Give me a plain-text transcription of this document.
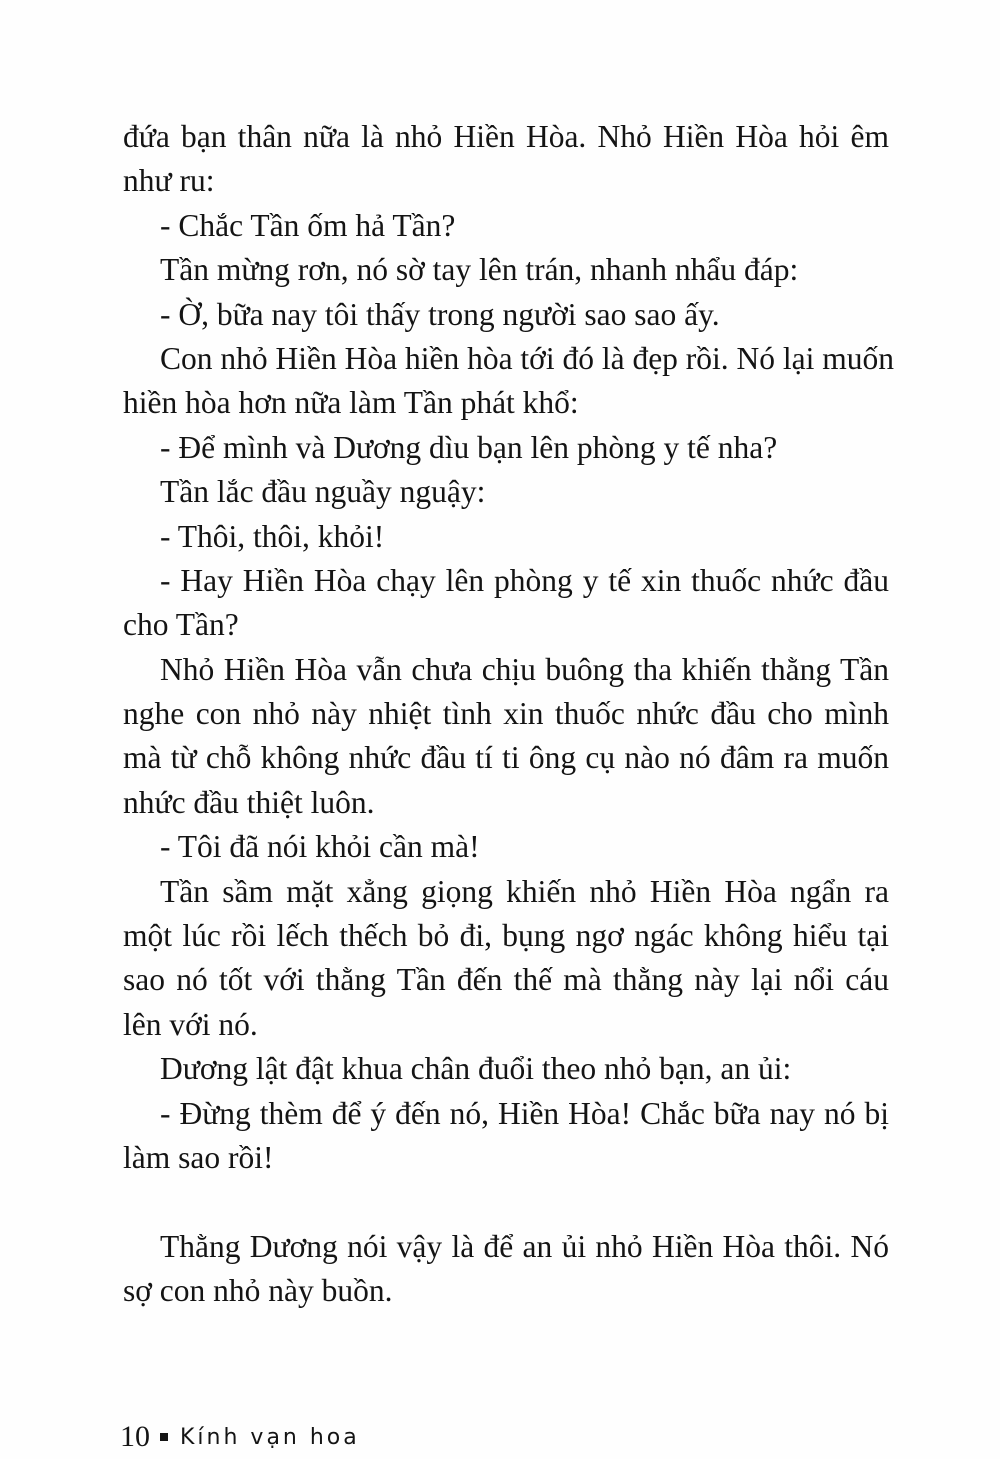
đứa bạn thân nữa là nhỏ Hiền Hòa. Nhỏ Hiền Hòa hỏi êm
như ru:
- Chắc Tần ốm hả Tần?
Tần mừng rơn, nó sờ tay lên trán, nhanh nhẩu đáp:
- Ờ, bữa nay tôi thấy trong người sao sao ấy.
Con nhỏ Hiền Hòa hiền hòa tới đó là đẹp rồi. Nó lại muốn
hiền hòa hơn nữa làm Tần phát khổ:
- Để mình và Dương dìu bạn lên phòng y tế nha?
Tần lắc đầu nguầy nguậy:
- Thôi, thôi, khỏi!
- Hay Hiền Hòa chạy lên phòng y tế xin thuốc nhức đầu
cho Tần?
Nhỏ Hiền Hòa vẫn chưa chịu buông tha khiến thằng Tần
nghe con nhỏ này nhiệt tình xin thuốc nhức đầu cho mình
mà từ chỗ không nhức đầu tí ti ông cụ nào nó đâm ra muốn
nhức đầu thiệt luôn.
- Tôi đã nói khỏi cần mà!
Tần sầm mặt xẳng giọng khiến nhỏ Hiền Hòa ngẩn ra
một lúc rồi lếch thếch bỏ đi, bụng ngơ ngác không hiểu tại
sao nó tốt với thằng Tần đến thế mà thằng này lại nổi cáu
lên với nó.
Dương lật đật khua chân đuổi theo nhỏ bạn, an ủi:
- Đừng thèm để ý đến nó, Hiền Hòa! Chắc bữa nay nó bị
làm sao rồi!
Thằng Dương nói vậy là để an ủi nhỏ Hiền Hòa thôi. Nó
sợ con nhỏ này buồn.
10 Kính vạn hoa
